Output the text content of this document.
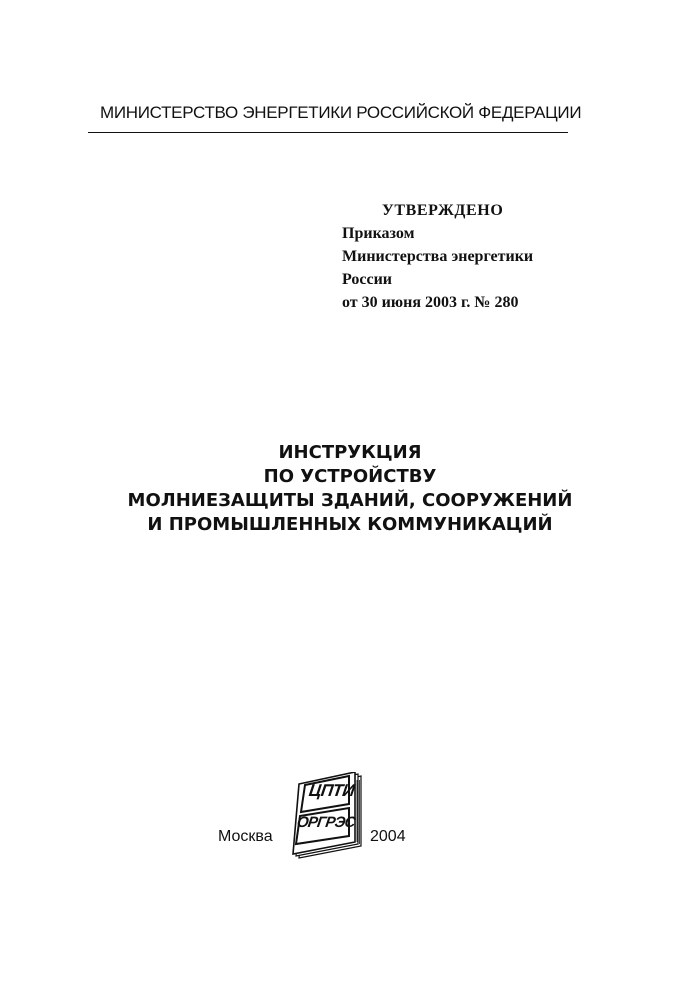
МИНИСТЕРСТВО ЭНЕРГЕТИКИ РОССИЙСКОЙ ФЕДЕРАЦИИ
УТВЕРЖДЕНО
Приказом
Министерства энергетики
России
от 30 июня 2003 г. № 280
ИНСТРУКЦИЯ
ПО УСТРОЙСТВУ
МОЛНИЕЗАЩИТЫ ЗДАНИЙ, СООРУЖЕНИЙ
И ПРОМЫШЛЕННЫХ КОММУНИКАЦИЙ
Москва
ЦПТИ
ОРГРЭС
2004
